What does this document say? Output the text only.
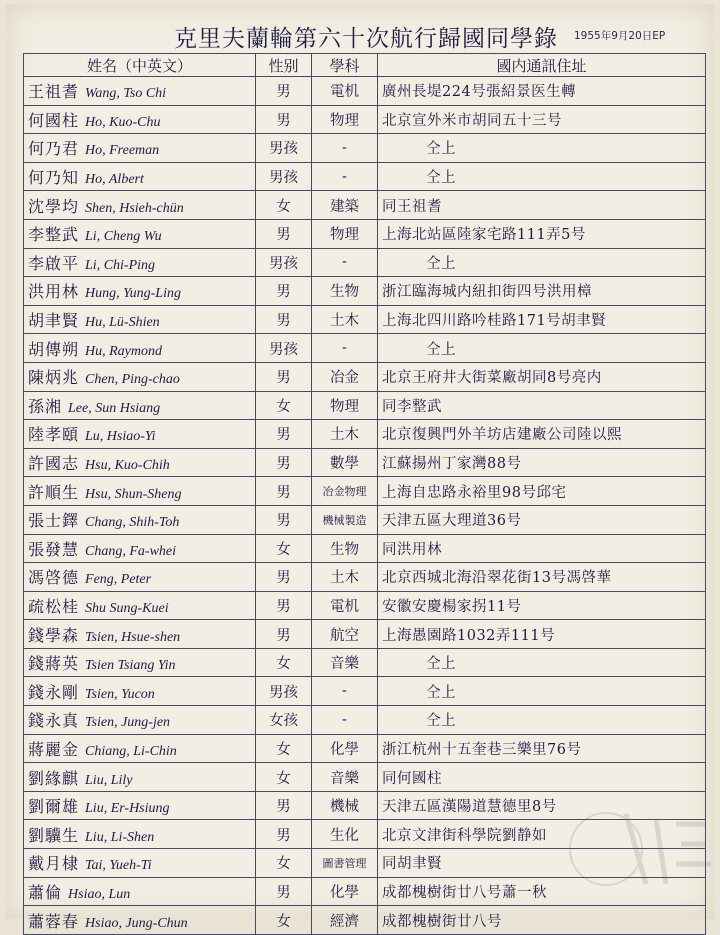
克里夫蘭輪第六十次航行歸國同學錄 1955年9月20日EP
姓名（中英文）	性别	學科	國内通訊住址
王祖耆 Wang, Tso Chi	男	電机	廣州長堤224号張紹景医生轉
何國柱 Ho, Kuo-Chu	男	物理	北京宣外米市胡同五十三号
何乃君 Ho, Freeman	男孩	-	仝上
何乃知 Ho, Albert	男孩	-	仝上
沈學均 Shen, Hsieh-chün	女	建築	同王祖耆
李整武 Li, Cheng Wu	男	物理	上海北站區陸家宅路111弄5号
李啟平 Li, Chi-Ping	男孩	-	仝上
洪用林 Hung, Yung-Ling	男	生物	浙江臨海城内紐扣街四号洪用樟
胡聿賢 Hu, Lü-Shien	男	土木	上海北四川路吟桂路171号胡聿賢
胡傳朔 Hu, Raymond	男孩	-	仝上
陳炳兆 Chen, Ping-chao	男	冶金	北京王府井大街菜廠胡同8号亮内
孫湘 Lee, Sun Hsiang	女	物理	同李整武
陸孝頤 Lu, Hsiao-Yi	男	土木	北京復興門外羊坊店建廠公司陸以熙
許國志 Hsu, Kuo-Chih	男	數學	江蘇揚州丁家灣88号
許順生 Hsu, Shun-Sheng	男	冶金物理	上海自忠路永裕里98号邱宅
張士鐸 Chang, Shih-Toh	男	機械製造	天津五區大理道36号
張發慧 Chang, Fa-whei	女	生物	同洪用林
馮啓德 Feng, Peter	男	土木	北京西城北海沿翠花街13号馮啓華
疏松桂 Shu Sung-Kuei	男	電机	安徽安慶楊家拐11号
錢學森 Tsien, Hsue-shen	男	航空	上海愚園路1032弄111号
錢蔣英 Tsien Tsiang Yin	女	音樂	仝上
錢永剛 Tsien, Yucon	男孩	-	仝上
錢永真 Tsien, Jung-jen	女孩	-	仝上
蔣麗金 Chiang, Li-Chin	女	化學	浙江杭州十五奎巷三樂里76号
劉緣麒 Liu, Lily	女	音樂	同何國柱
劉爾雄 Liu, Er-Hsiung	男	機械	天津五區漢陽道慧德里8号
劉驥生 Liu, Li-Shen	男	生化	北京文津街科學院劉静如
戴月棣 Tai, Yueh-Ti	女	圖書管理	同胡聿賢
蕭倫 Hsiao, Lun	男	化學	成都槐樹街廿八号蕭一秋
蕭蓉春 Hsiao, Jung-Chun	女	經濟	成都槐樹街廿八号
